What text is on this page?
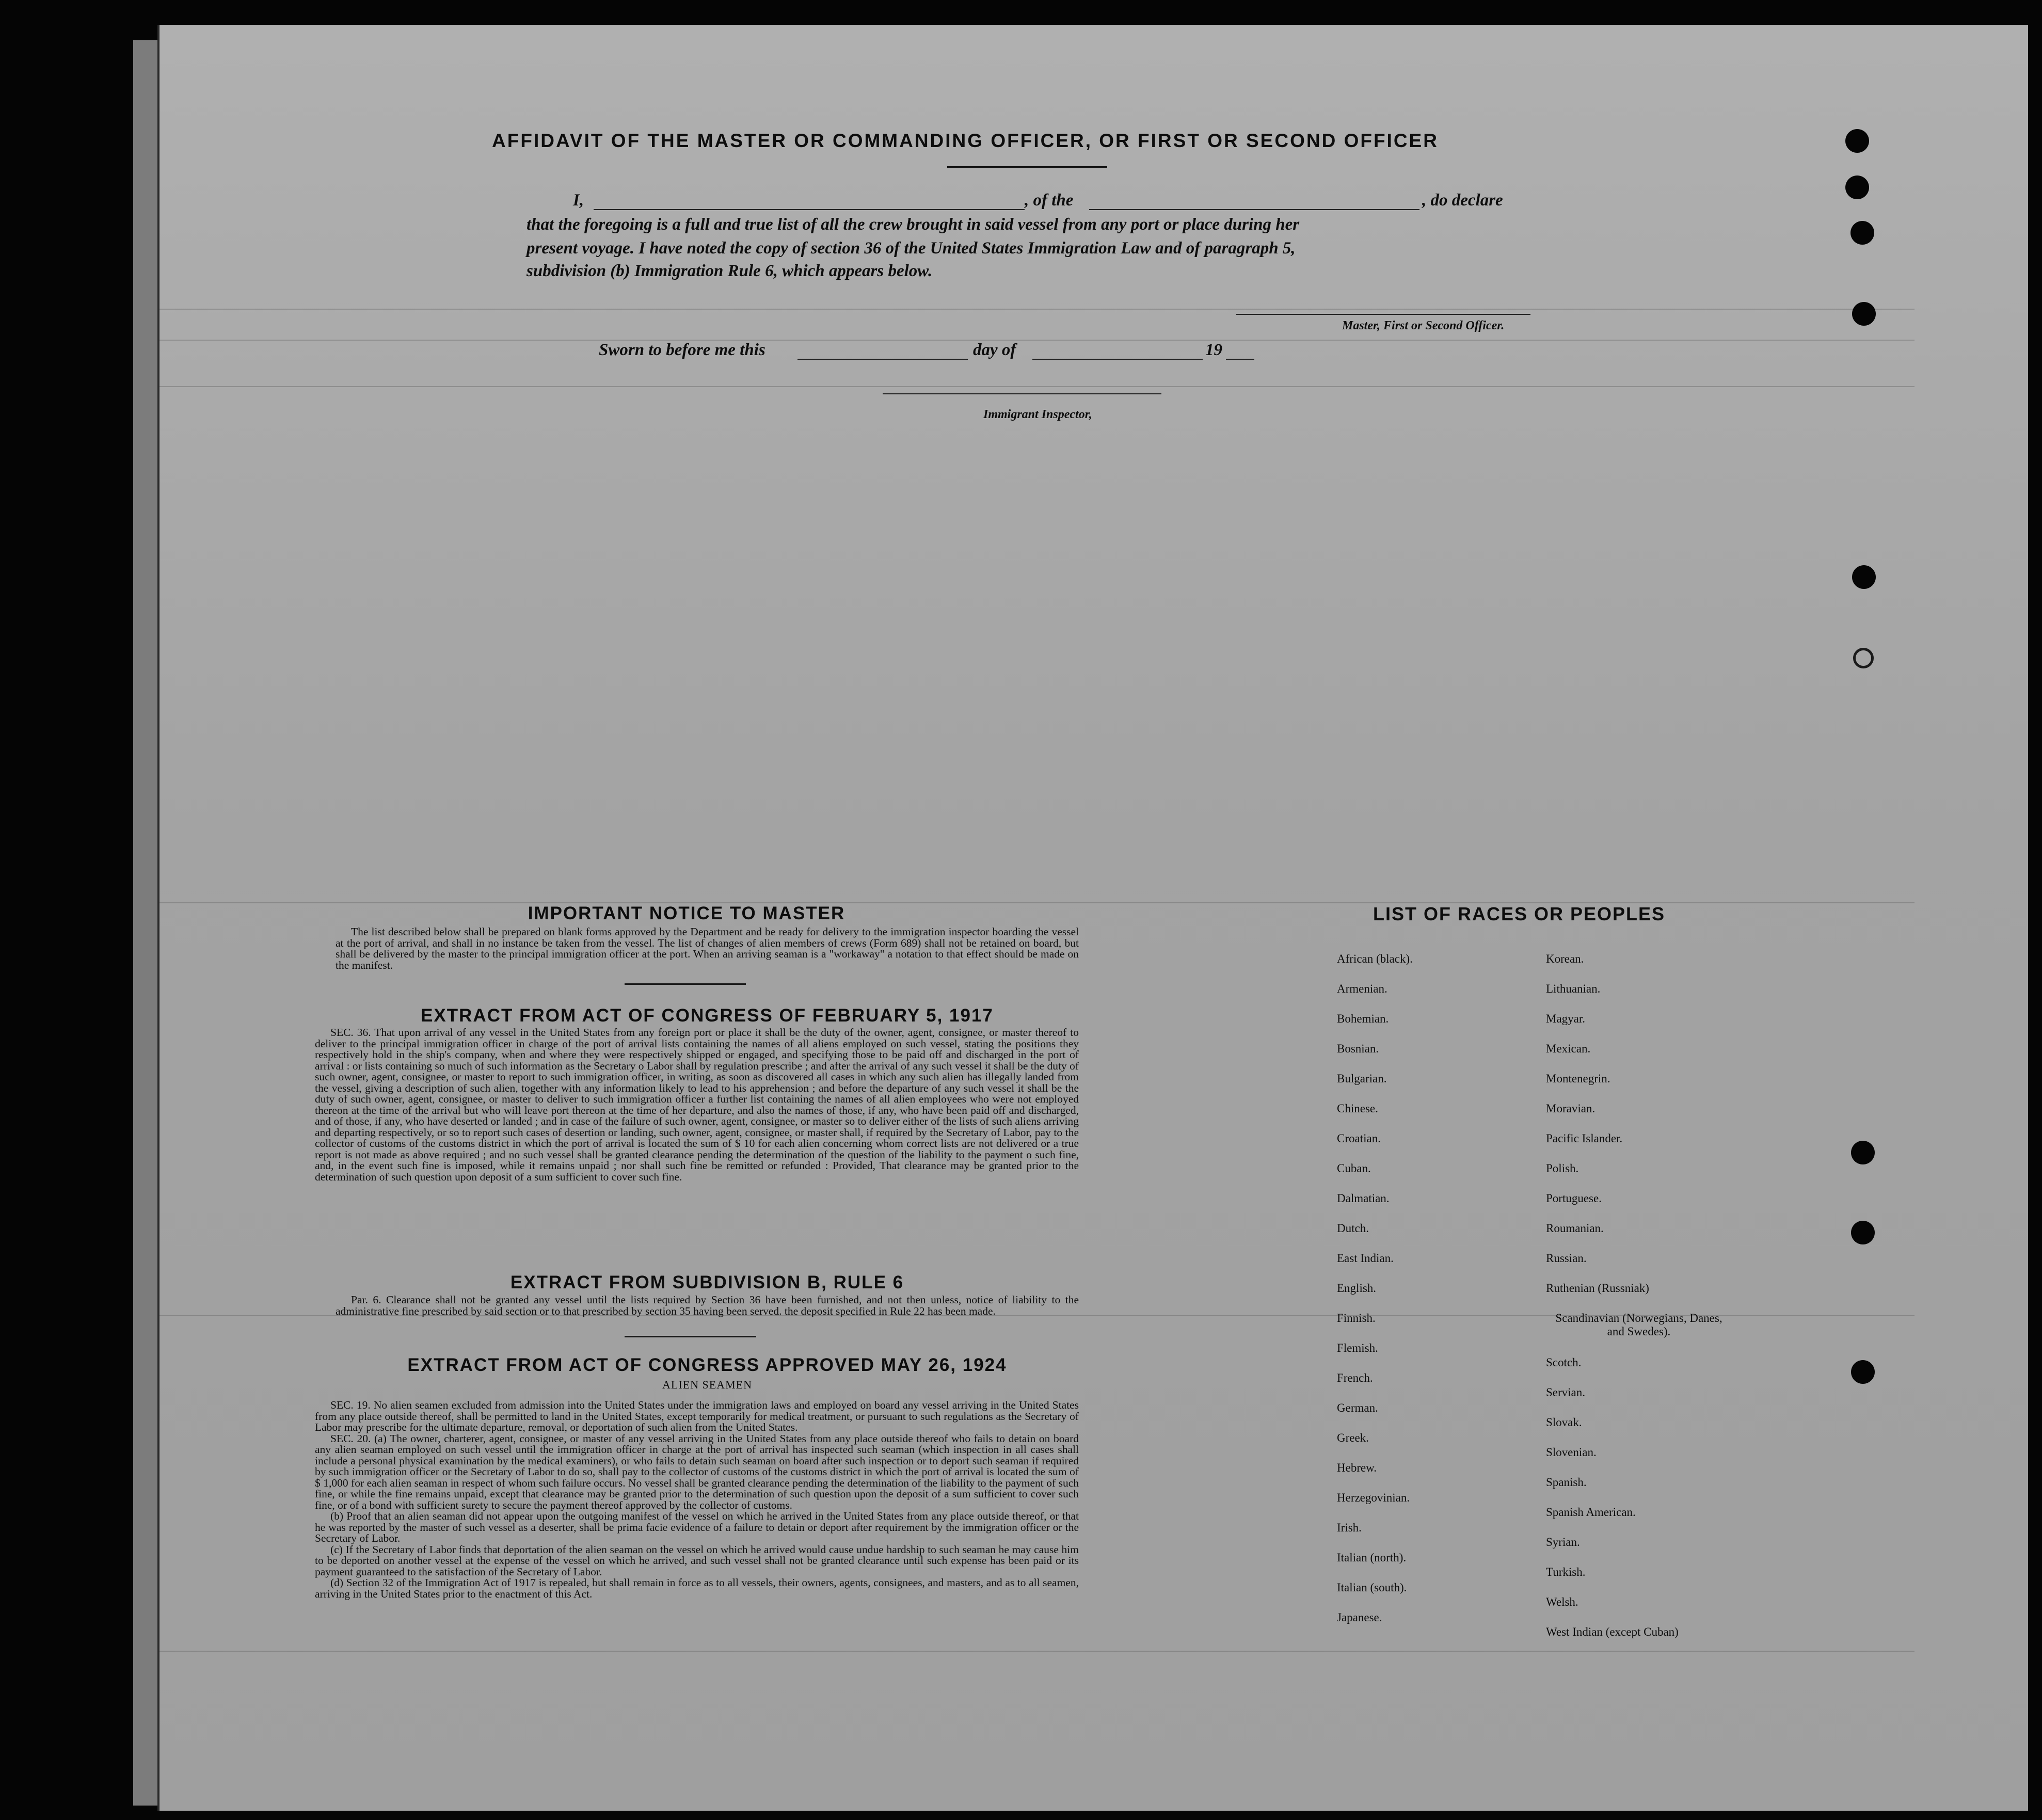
AFFIDAVIT OF THE MASTER OR COMMANDING OFFICER, OR FIRST OR SECOND OFFICER
I,	, of the	, do declare
that the foregoing is a full and true list of all the crew brought in said vessel from any port or place during her
present voyage. I have noted the copy of section 36 of the United States Immigration Law and of paragraph 5,
subdivision (b) Immigration Rule 6, which appears below.
Master, First or Second Officer.
Sworn to before me this	day of	19
Immigrant Inspector,
IMPORTANT NOTICE TO MASTER

The list described below shall be prepared on blank forms approved by the Department and be ready for delivery to the immigration inspector boarding the vessel at the port of arrival, and shall in no instance be taken from the vessel. The list of changes of alien members of crews (Form 689) shall not be retained on board, but shall be delivered by the master to the principal immigration officer at the port. When an arriving seaman is a "workaway" a notation to that effect should be made on the manifest.

EXTRACT FROM ACT OF CONGRESS OF FEBRUARY 5, 1917

SEC. 36. That upon arrival of any vessel in the United States from any foreign port or place it shall be the duty of the owner, agent, consignee, or master thereof to deliver to the principal immigration officer in charge of the port of arrival lists containing the names of all aliens employed on such vessel, stating the positions they respectively hold in the ship's company, when and where they were respectively shipped or engaged, and specifying those to be paid off and discharged in the port of arrival : or lists containing so much of such information as the Secretary o Labor shall by regulation prescribe ; and after the arrival of any such vessel it shall be the duty of such owner, agent, consignee, or master to report to such immigration officer, in writing, as soon as discovered all cases in which any such alien has illegally landed from the vessel, giving a description of such alien, together with any information likely to lead to his apprehension ; and before the departure of any such vessel it shall be the duty of such owner, agent, consignee, or master to deliver to such immigration officer a further list containing the names of all alien employees who were not employed thereon at the time of the arrival but who will leave port thereon at the time of her departure, and also the names of those, if any, who have been paid off and discharged, and of those, if any, who have deserted or landed ; and in case of the failure of such owner, agent, consignee, or master so to deliver either of the lists of such aliens arriving and departing respectively, or so to report such cases of desertion or landing, such owner, agent, consignee, or master shall, if required by the Secretary of Labor, pay to the collector of customs of the customs district in which the port of arrival is located the sum of $ 10 for each alien concerning whom correct lists are not delivered or a true report is not made as above required ; and no such vessel shall be granted clearance pending the determination of the question of the liability to the payment o such fine, and, in the event such fine is imposed, while it remains unpaid ; nor shall such fine be remitted or refunded : Provided, That clearance may be granted prior to the determination of such question upon deposit of a sum sufficient to cover such fine.

EXTRACT FROM SUBDIVISION B, RULE 6

Par. 6. Clearance shall not be granted any vessel until the lists required by Section 36 have been furnished, and not then unless, notice of liability to the administrative fine prescribed by said section or to that prescribed by section 35 having been served. the deposit specified in Rule 22 has been made.

EXTRACT FROM ACT OF CONGRESS APPROVED MAY 26, 1924
ALIEN SEAMEN

SEC. 19. No alien seamen excluded from admission into the United States under the immigration laws and employed on board any vessel arriving in the United States from any place outside thereof, shall be permitted to land in the United States, except temporarily for medical treatment, or pursuant to such regulations as the Secretary of Labor may prescribe for the ultimate departure, removal, or deportation of such alien from the United States.

SEC. 20. (a) The owner, charterer, agent, consignee, or master of any vessel arriving in the United States from any place outside thereof who fails to detain on board any alien seaman employed on such vessel until the immigration officer in charge at the port of arrival has inspected such seaman (which inspection in all cases shall include a personal physical examination by the medical examiners), or who fails to detain such seaman on board after such inspection or to deport such seaman if required by such immigration officer or the Secretary of Labor to do so, shall pay to the collector of customs of the customs district in which the port of arrival is located the sum of $ 1,000 for each alien seaman in respect of whom such failure occurs. No vessel shall be granted clearance pending the determination of the liability to the payment of such fine, or while the fine remains unpaid, except that clearance may be granted prior to the determination of such question upon the deposit of a sum sufficient to cover such fine, or of a bond with sufficient surety to secure the payment thereof approved by the collector of customs.

(b) Proof that an alien seaman did not appear upon the outgoing manifest of the vessel on which he arrived in the United States from any place outside thereof, or that he was reported by the master of such vessel as a deserter, shall be prima facie evidence of a failure to detain or deport after requirement by the immigration officer or the Secretary of Labor.

(c) If the Secretary of Labor finds that deportation of the alien seaman on the vessel on which he arrived would cause undue hardship to such seaman he may cause him to be deported on another vessel at the expense of the vessel on which he arrived, and such vessel shall not be granted clearance until such expense has been paid or its payment guaranteed to the satisfaction of the Secretary of Labor.

(d) Section 32 of the Immigration Act of 1917 is repealed, but shall remain in force as to all vessels, their owners, agents, consignees, and masters, and as to all seamen, arriving in the United States prior to the enactment of this Act.

LIST OF RACES OR PEOPLES
African (black).
Armenian.
Bohemian.
Bosnian.
Bulgarian.
Chinese.
Croatian.
Cuban.
Dalmatian.
Dutch.
East Indian.
English.
Finnish.
Flemish.
French.
German.
Greek.
Hebrew.
Herzegovinian.
Irish.
Italian (north).
Italian (south).
Japanese.
Korean.
Lithuanian.
Magyar.
Mexican.
Montenegrin.
Moravian.
Pacific Islander.
Polish.
Portuguese.
Roumanian.
Russian.
Ruthenian (Russniak)
Scandinavian (Norwegians, Danes, and Swedes).
Scotch.
Servian.
Slovak.
Slovenian.
Spanish.
Spanish American.
Syrian.
Turkish.
Welsh.
West Indian (except Cuban)
